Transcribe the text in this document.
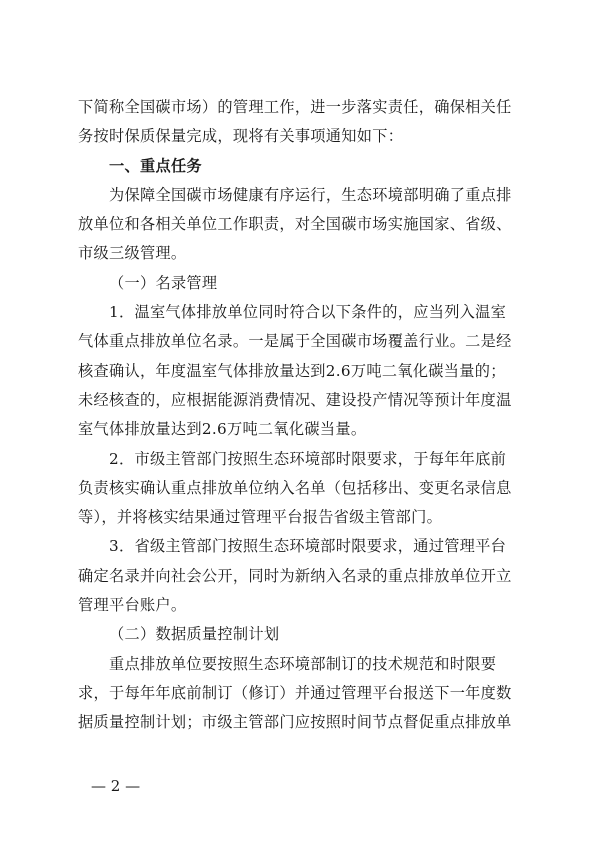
下简称全国碳市场）的管理工作，进一步落实责任，确保相关任
务按时保质保量完成，现将有关事项通知如下：
一、重点任务
为保障全国碳市场健康有序运行，生态环境部明确了重点排
放单位和各相关单位工作职责，对全国碳市场实施国家、省级、
市级三级管理。
（一）名录管理
1．温室气体排放单位同时符合以下条件的，应当列入温室
气体重点排放单位名录。一是属于全国碳市场覆盖行业。二是经
核查确认，年度温室气体排放量达到2.6万吨二氧化碳当量的；
未经核查的，应根据能源消费情况、建设投产情况等预计年度温
室气体排放量达到2.6万吨二氧化碳当量。
2．市级主管部门按照生态环境部时限要求，于每年年底前
负责核实确认重点排放单位纳入名单（包括移出、变更名录信息
等），并将核实结果通过管理平台报告省级主管部门。
3．省级主管部门按照生态环境部时限要求，通过管理平台
确定名录并向社会公开，同时为新纳入名录的重点排放单位开立
管理平台账户。
（二）数据质量控制计划
重点排放单位要按照生态环境部制订的技术规范和时限要
求，于每年年底前制订（修订）并通过管理平台报送下一年度数
据质量控制计划；市级主管部门应按照时间节点督促重点排放单
— 2 —
